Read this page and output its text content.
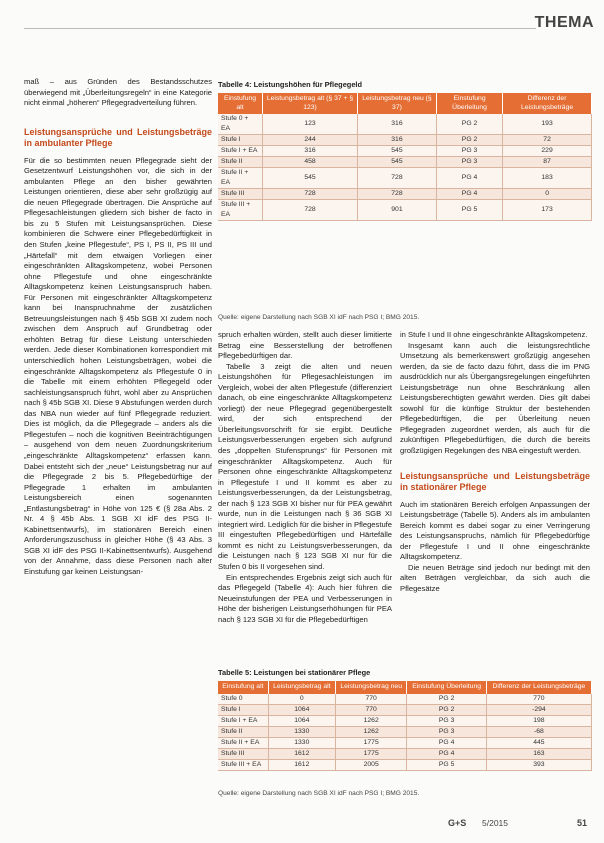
THEMA

maß – aus Gründen des Bestandsschutzes überwiegend mit „Überleitungsregeln“ in eine Kategorie nicht einmal „höheren“ Pflegegradverteilung führen.

Leistungsansprüche und Leistungsbeträge in ambulanter Pflege

Für die so bestimmten neuen Pflegegrade sieht der Gesetzentwurf Leistungshöhen vor, die sich in der ambulanten Pflege an den bisher gewährten Leistungen orientieren, diese aber sehr großzügig auf die neuen Pflegegrade übertragen. Die Ansprüche auf Pflegesachleistungen gliedern sich bisher de facto in bis zu 5 Stufen mit Leistungsansprüchen. Diese kombinieren die Schwere einer Pflegebedürftigkeit in den Stufen „keine Pflegestufe“, PS I, PS II, PS III und „Härtefall“ mit dem etwaigen Vorliegen einer eingeschränkten Alltagskompetenz, wobei Personen ohne Pflegestufe und ohne eingeschränkte Alltagskompetenz keinen Leistungsanspruch haben. Für Personen mit eingeschränkter Alltagskompetenz kann bei Inanspruchnahme der zusätzlichen Betreuungsleistungen nach § 45b SGB XI zudem noch zwischen dem Anspruch auf Grundbetrag oder erhöhten Betrag für diese Leistung unterschieden werden. Jede dieser Kombinationen korrespondiert mit unterschiedlich hohen Leistungsbeträgen, wobei die eingeschränkte Alltagskompetenz als Pflegestufe 0 in die Tabelle mit einem erhöhten Pflegegeld oder sachleistungsanspruch führt, wohl aber zu Ansprüchen nach § 45b SGB XI. Diese 9 Abstufungen werden durch das NBA nun wieder auf fünf Pflegegrade reduziert. Dies ist möglich, da die Pflegegrade – anders als die Pflegestufen – noch die kognitiven Beeinträchtigungen – ausgehend von dem neuen Zuordnungskriterium „eingeschränkte Alltagskompetenz“ erfassen kann. Dabei entsteht sich der „neue“ Leistungsbetrag nur auf die Pflegegrade 2 bis 5. Pflegebedürftige der Pflegegrade 1 erhalten im ambulanten Leistungsbereich einen sogenannten „Entlastungsbetrag“ in Höhe von 125 € (§ 28a Abs. 2 Nr. 4 § 45b Abs. 1 SGB XI idF des PSG II-Kabinettsentwurfs), im stationären Bereich einen Anforderungszuschuss in gleicher Höhe (§ 43 Abs. 3 SGB XI idF des PSG II-Kabinettsentwurfs). Ausgehend von der Annahme, dass diese Personen nach alter Einstufung gar keinen Leistungsan-

Tabelle 4: Leistungshöhen für Pflegegeld
Einstufung alt	Leistungsbetrag alt (§ 37 + § 123)	Leistungsbetrag neu (§ 37)	Einstufung Überleitung	Differenz der Leistungsbeträge
Stufe 0 + EA	123	316	PG 2	193
Stufe I	244	316	PG 2	72
Stufe I + EA	316	545	PG 3	229
Stufe II	458	545	PG 3	87
Stufe II + EA	545	728	PG 4	183
Stufe III	728	728	PG 4	0
Stufe III + EA	728	901	PG 5	173
Quelle: eigene Darstellung nach SGB XI idF nach PSG I; BMG 2015.

spruch erhalten würden, stellt auch dieser limitierte Betrag eine Besserstellung der betroffenen Pflegebedürftigen dar.

Tabelle 3 zeigt die alten und neuen Leistungshöhen für Pflegesachleistungen im Vergleich, wobei der alten Pflegestufe (differenziert danach, ob eine eingeschränkte Alltagskompetenz vorliegt) der neue Pflegegrad gegenübergestellt wird, der sich entsprechend der Überleitungsvorschrift für sie ergibt. Deutliche Leistungsverbesserungen ergeben sich aufgrund des „doppelten Stufensprungs“ für Personen mit eingeschränkter Alltagskompetenz. Auch für Personen ohne eingeschränkte Alltagskompetenz in Pflegestufe I und II kommt es aber zu Leistungsverbesserungen, da der Leistungsbetrag, der nach § 123 SGB XI bisher nur für PEA gewährt wurde, nun in die Leistungen nach § 36 SGB XI integriert wird. Lediglich für die bisher in Pflegestufe III eingestuften Pflegebedürftigen und Härtefälle kommt es nicht zu Leistungsverbesserungen, da die Leistungen nach § 123 SGB XI nur für die Stufen 0 bis II vorgesehen sind.

Ein entsprechendes Ergebnis zeigt sich auch für das Pflegegeld (Tabelle 4): Auch hier führen die Neueinstufungen der PEA und Verbesserungen in Höhe der bisherigen Leistungserhöhungen für PEA nach § 123 SGB XI für die Pflegebedürftigen

in Stufe I und II ohne eingeschränkte Alltagskompetenz.

Insgesamt kann auch die leistungsrechtliche Umsetzung als bemerkenswert großzügig angesehen werden, da sie de facto dazu führt, dass die im PNG ausdrücklich nur als Übergangsregelungen eingeführten Leistungsbeträge nun ohne Beschränkung allen Leistungsberechtigten gewährt werden. Dies gilt dabei sowohl für die künftige Struktur der bestehenden Pflegebedürftigen, die per Überleitung neuen Pflegegraden zugeordnet werden, als auch für die zukünftigen Pflegebedürftigen, die durch die bereits großzügigen Regelungen des NBA eingestuft werden.

Leistungsansprüche und Leistungsbeträge in stationärer Pflege

Auch im stationären Bereich erfolgen Anpassungen der Leistungsbeträge (Tabelle 5). Anders als im ambulanten Bereich kommt es dabei sogar zu einer Verringerung des Leistungsanspruchs, nämlich für Pflegebedürftige der Pflegestufe I und II ohne eingeschränkte Alltagskompetenz.

Die neuen Beträge sind jedoch nur bedingt mit den alten Beträgen vergleichbar, da sich auch die Pflegesätze

Tabelle 5: Leistungen bei stationärer Pflege
Einstufung alt	Leistungsbetrag alt	Leistungsbetrag neu	Einstufung Überleitung	Differenz der Leistungsbeträge
Stufe 0	0	770	PG 2	770
Stufe I	1064	770	PG 2	-294
Stufe I + EA	1064	1262	PG 3	198
Stufe II	1330	1262	PG 3	-68
Stufe II + EA	1330	1775	PG 4	445
Stufe III	1612	1775	PG 4	163
Stufe III + EA	1612	2005	PG 5	393
Quelle: eigene Darstellung nach SGB XI idF nach PSG I; BMG 2015.
G+S 5/2015	51
